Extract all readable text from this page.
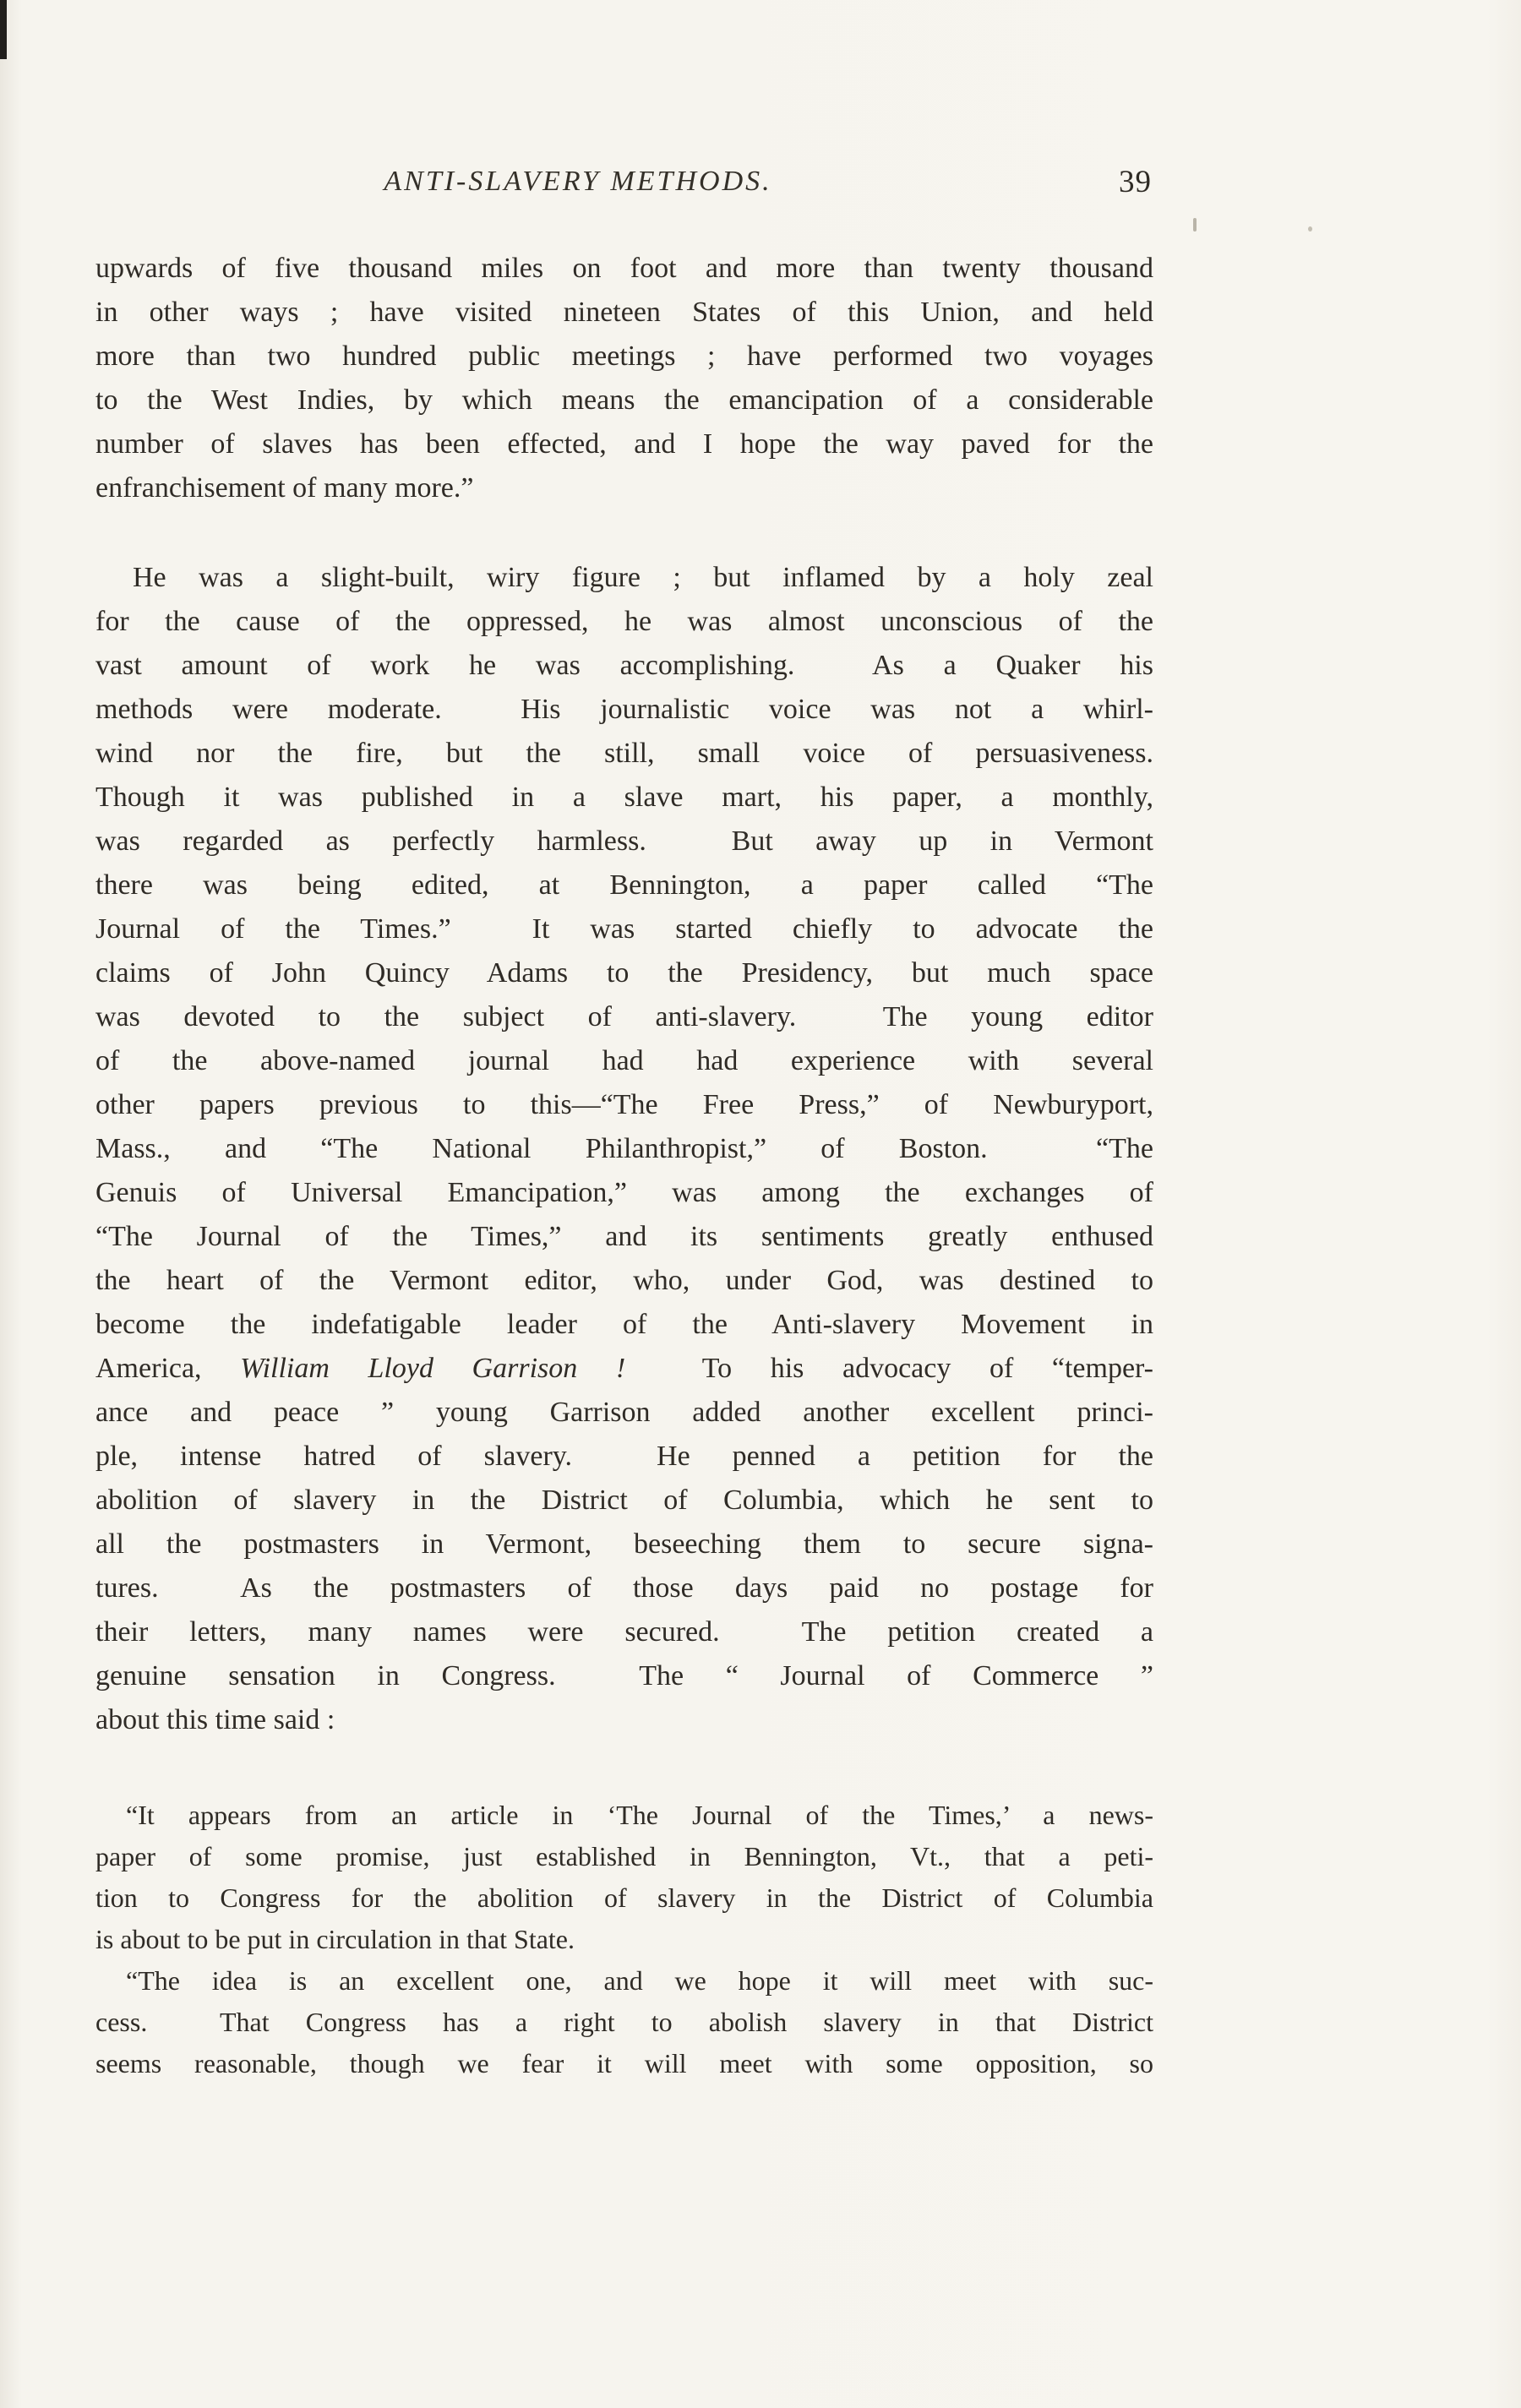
ANTI-SLAVERY METHODS.	39
upwards of five thousand miles on foot and more than twenty thousand
in other ways ; have visited nineteen States of this Union, and held
more than two hundred public meetings ; have performed two voyages
to the West Indies, by which means the emancipation of a considerable
number of slaves has been effected, and I hope the way paved for the
enfranchisement of many more.”
He was a slight-built, wiry figure ; but inflamed by a holy zeal
for the cause of the oppressed, he was almost unconscious of the
vast amount of work he was accomplishing.  As a Quaker his
methods were moderate.  His journalistic voice was not a whirl-
wind nor the fire, but the still, small voice of persuasiveness.
Though it was published in a slave mart, his paper, a monthly,
was regarded as perfectly harmless.  But away up in Vermont
there was being edited, at Bennington, a paper called “The
Journal of the Times.”  It was started chiefly to advocate the
claims of John Quincy Adams to the Presidency, but much space
was devoted to the subject of anti-slavery.  The young editor
of the above-named journal had had experience with several
other papers previous to this—“The Free Press,” of Newburyport,
Mass., and “The National Philanthropist,” of Boston.  “The
Genuis of Universal Emancipation,” was among the exchanges of
“The Journal of the Times,” and its sentiments greatly enthused
the heart of the Vermont editor, who, under God, was destined to
become the indefatigable leader of the Anti-slavery Movement in
America, William Lloyd Garrison !  To his advocacy of “temper-
ance and peace ” young Garrison added another excellent princi-
ple, intense hatred of slavery.  He penned a petition for the
abolition of slavery in the District of Columbia, which he sent to
all the postmasters in Vermont, beseeching them to secure signa-
tures.  As the postmasters of those days paid no postage for
their letters, many names were secured.  The petition created a
genuine sensation in Congress.  The “ Journal of Commerce ”
about this time said :
“It appears from an article in ‘The Journal of the Times,’ a news-
paper of some promise, just established in Bennington, Vt., that a peti-
tion to Congress for the abolition of slavery in the District of Columbia
is about to be put in circulation in that State.
“The idea is an excellent one, and we hope it will meet with suc-
cess.  That Congress has a right to abolish slavery in that District
seems reasonable, though we fear it will meet with some opposition, so
